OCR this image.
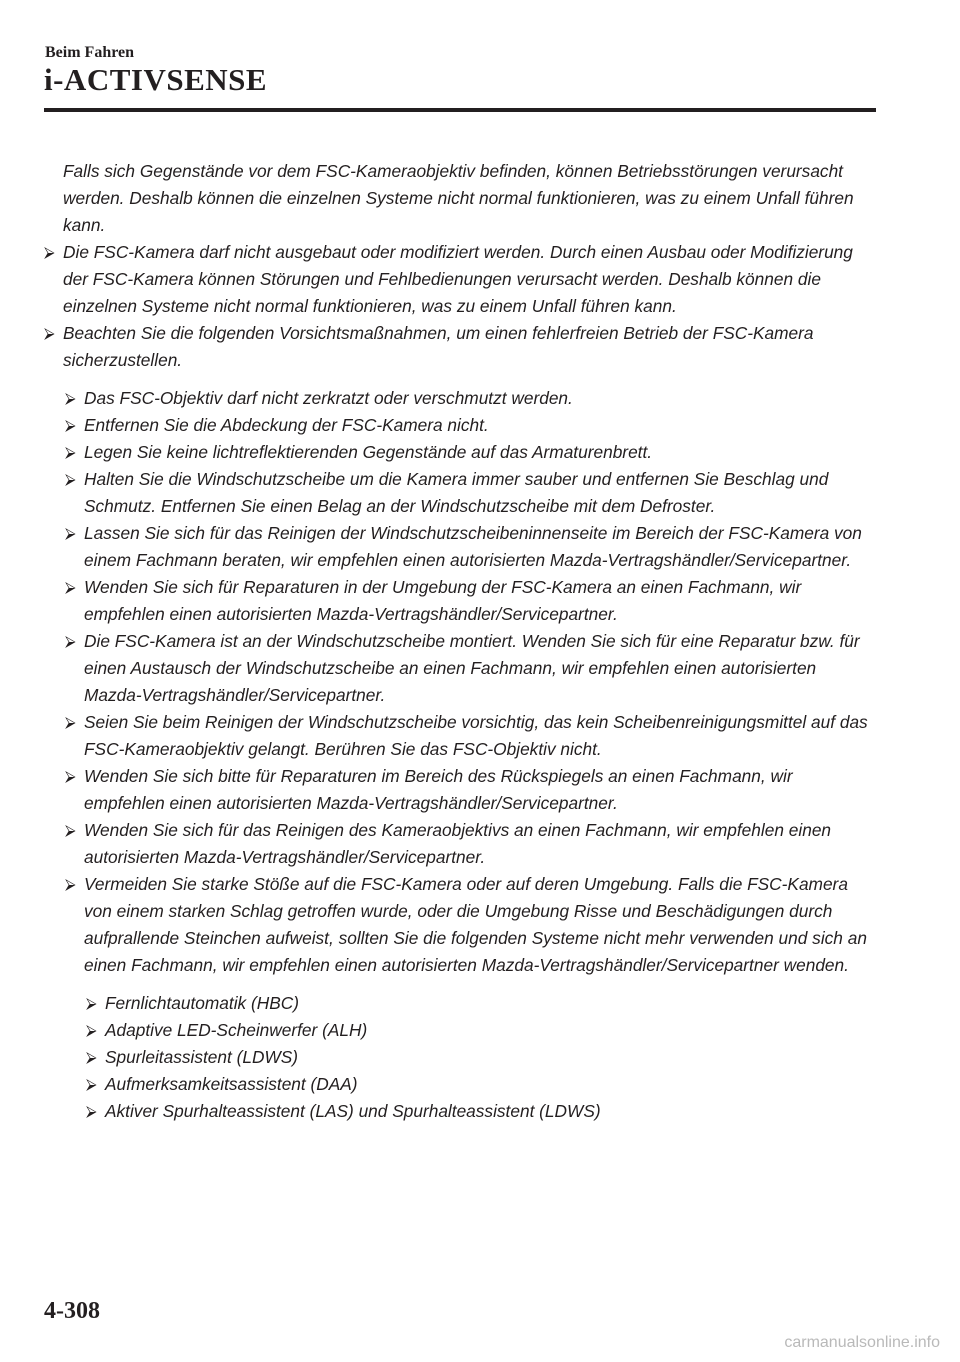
Beim Fahren
i-ACTIVSENSE
Falls sich Gegenstände vor dem FSC-Kameraobjektiv befinden, können Betriebsstörungen verursacht werden. Deshalb können die einzelnen Systeme nicht normal funktionieren, was zu einem Unfall führen kann.
⮚ Die FSC-Kamera darf nicht ausgebaut oder modifiziert werden. Durch einen Ausbau oder Modifizierung der FSC-Kamera können Störungen und Fehlbedienungen verursacht werden. Deshalb können die einzelnen Systeme nicht normal funktionieren, was zu einem Unfall führen kann.
⮚ Beachten Sie die folgenden Vorsichtsmaßnahmen, um einen fehlerfreien Betrieb der FSC-Kamera sicherzustellen.
⮚ Das FSC-Objektiv darf nicht zerkratzt oder verschmutzt werden.
⮚ Entfernen Sie die Abdeckung der FSC-Kamera nicht.
⮚ Legen Sie keine lichtreflektierenden Gegenstände auf das Armaturenbrett.
⮚ Halten Sie die Windschutzscheibe um die Kamera immer sauber und entfernen Sie Beschlag und Schmutz. Entfernen Sie einen Belag an der Windschutzscheibe mit dem Defroster.
⮚ Lassen Sie sich für das Reinigen der Windschutzscheibeninnenseite im Bereich der FSC-Kamera von einem Fachmann beraten, wir empfehlen einen autorisierten Mazda-Vertragshändler/Servicepartner.
⮚ Wenden Sie sich für Reparaturen in der Umgebung der FSC-Kamera an einen Fachmann, wir empfehlen einen autorisierten Mazda-Vertragshändler/Servicepartner.
⮚ Die FSC-Kamera ist an der Windschutzscheibe montiert. Wenden Sie sich für eine Reparatur bzw. für einen Austausch der Windschutzscheibe an einen Fachmann, wir empfehlen einen autorisierten Mazda-Vertragshändler/Servicepartner.
⮚ Seien Sie beim Reinigen der Windschutzscheibe vorsichtig, das kein Scheibenreinigungsmittel auf das FSC-Kameraobjektiv gelangt. Berühren Sie das FSC-Objektiv nicht.
⮚ Wenden Sie sich bitte für Reparaturen im Bereich des Rückspiegels an einen Fachmann, wir empfehlen einen autorisierten Mazda-Vertragshändler/Servicepartner.
⮚ Wenden Sie sich für das Reinigen des Kameraobjektivs an einen Fachmann, wir empfehlen einen autorisierten Mazda-Vertragshändler/Servicepartner.
⮚ Vermeiden Sie starke Stöße auf die FSC-Kamera oder auf deren Umgebung. Falls die FSC-Kamera von einem starken Schlag getroffen wurde, oder die Umgebung Risse und Beschädigungen durch aufprallende Steinchen aufweist, sollten Sie die folgenden Systeme nicht mehr verwenden und sich an einen Fachmann, wir empfehlen einen autorisierten Mazda-Vertragshändler/Servicepartner wenden.
⮚ Fernlichtautomatik (HBC)
⮚ Adaptive LED-Scheinwerfer (ALH)
⮚ Spurleitassistent (LDWS)
⮚ Aufmerksamkeitsassistent (DAA)
⮚ Aktiver Spurhalteassistent (LAS) und Spurhalteassistent (LDWS)
4-308
carmanualsonline.info
